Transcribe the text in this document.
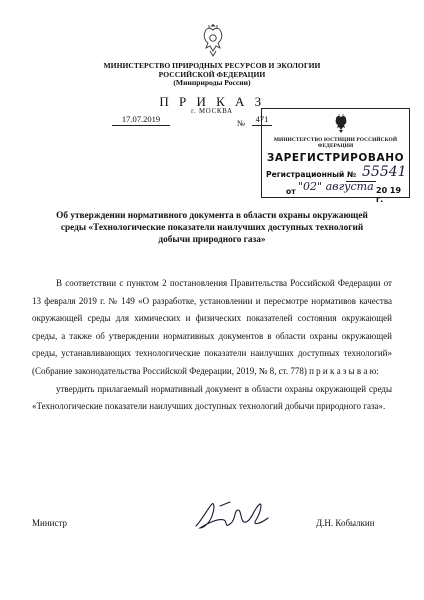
МИНИСТЕРСТВО ПРИРОДНЫХ РЕСУРСОВ И ЭКОЛОГИИ
РОССИЙСКОЙ ФЕДЕРАЦИИ
(Минприроды России)
П Р И К А З
г. МОСКВА
17.07.2019	№	471
МИНИСТЕРСТВО ЮСТИЦИИ РОССИЙСКОЙ ФЕДЕРАЦИИ
ЗАРЕГИСТРИРОВАНО
Регистрационный № 55541
от "02" августа 20 19 г.
Об утверждении нормативного документа в области охраны окружающей
среды «Технологические показатели наилучших доступных технологий
добычи природного газа»

В соответствии с пунктом 2 постановления Правительства Российской Федерации от 13 февраля 2019 г. № 149 «О разработке, установлении и пересмотре нормативов качества окружающей среды для химических и физических показателей состояния окружающей среды, а также об утверждении нормативных документов в области охраны окружающей среды, устанавливающих технологические показатели наилучших доступных технологий» (Собрание законодательства Российской Федерации, 2019, № 8, ст. 778) п р и к а з ы в а ю:

утвердить прилагаемый нормативный документ в области охраны окружающей среды «Технологические показатели наилучших доступных технологий добычи природного газа».

Министр	Д.Н. Кобылкин
